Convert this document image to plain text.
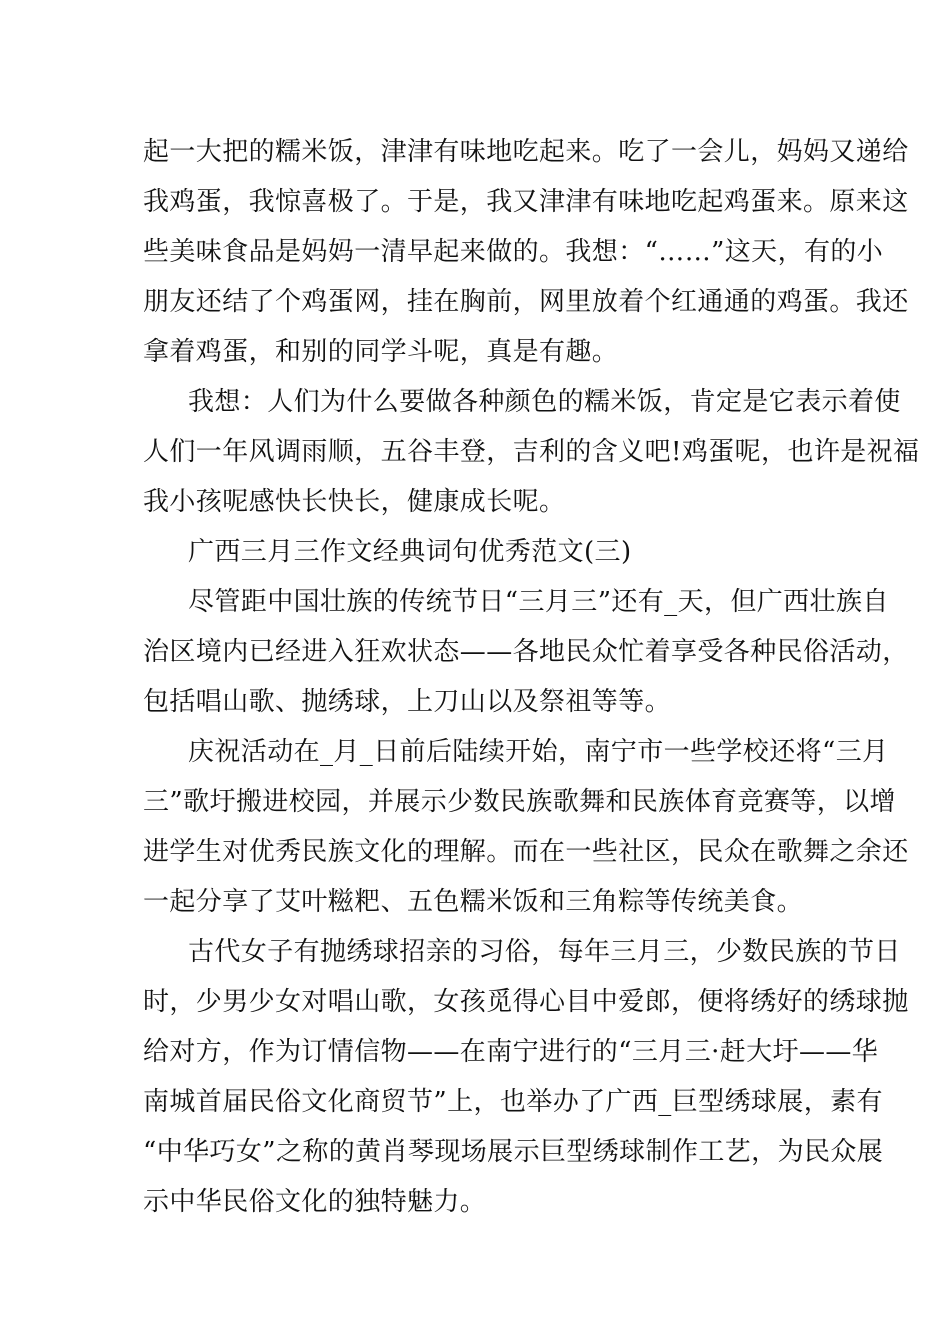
起一大把的糯米饭，津津有味地吃起来。吃了一会儿，妈妈又递给
我鸡蛋，我惊喜极了。于是，我又津津有味地吃起鸡蛋来。原来这
些美味食品是妈妈一清早起来做的。我想：“……”这天，有的小
朋友还结了个鸡蛋网，挂在胸前，网里放着个红通通的鸡蛋。我还
拿着鸡蛋，和别的同学斗呢，真是有趣。
我想：人们为什么要做各种颜色的糯米饭，肯定是它表示着使
人们一年风调雨顺，五谷丰登，吉利的含义吧!鸡蛋呢，也许是祝福
我小孩呢感快长快长，健康成长呢。
广西三月三作文经典词句优秀范文(三)
尽管距中国壮族的传统节日“三月三”还有_天，但广西壮族自
治区境内已经进入狂欢状态——各地民众忙着享受各种民俗活动，
包括唱山歌、抛绣球，上刀山以及祭祖等等。
庆祝活动在_月_日前后陆续开始，南宁市一些学校还将“三月
三”歌圩搬进校园，并展示少数民族歌舞和民族体育竞赛等，以增
进学生对优秀民族文化的理解。而在一些社区，民众在歌舞之余还
一起分享了艾叶糍粑、五色糯米饭和三角粽等传统美食。
古代女子有抛绣球招亲的习俗，每年三月三，少数民族的节日
时，少男少女对唱山歌，女孩觅得心目中爱郎，便将绣好的绣球抛
给对方，作为订情信物——在南宁进行的“三月三·赶大圩——华
南城首届民俗文化商贸节”上，也举办了广西_巨型绣球展，素有
“中华巧女”之称的黄肖琴现场展示巨型绣球制作工艺，为民众展
示中华民俗文化的独特魅力。
